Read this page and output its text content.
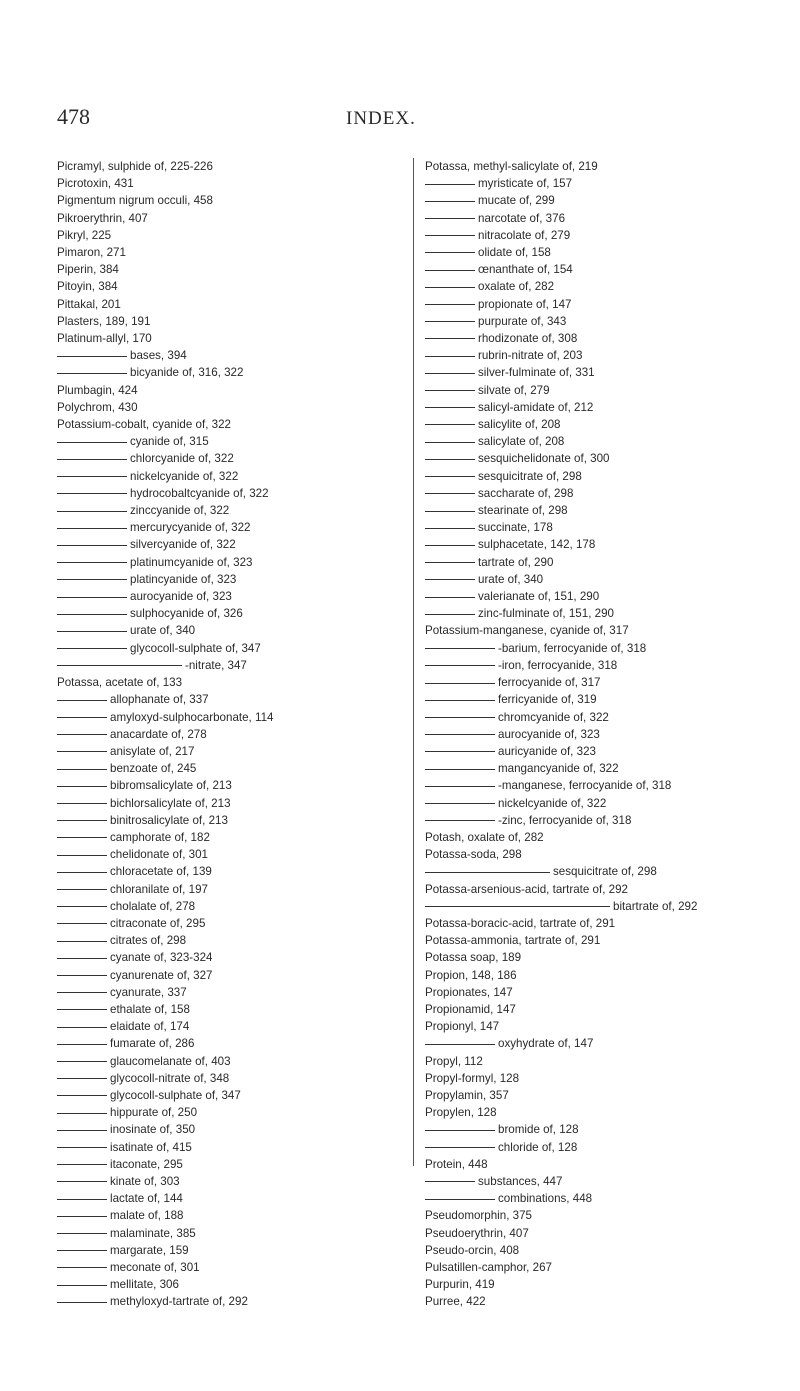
478	INDEX.
Picramyl, sulphide of, 225-226
Picrotoxin, 431
Pigmentum nigrum occuli, 458
Pikroerythrin, 407
Pikryl, 225
Pimaron, 271
Piperin, 384
Pitoyin, 384
Pittakal, 201
Plasters, 189, 191
Platinum-allyl, 170
bases, 394
bicyanide of, 316, 322
Plumbagin, 424
Polychrom, 430
Potassium-cobalt, cyanide of, 322
cyanide of, 315
chlorcyanide of, 322
nickelcyanide of, 322
hydrocobaltcyanide of, 322
zinccyanide of, 322
mercurycyanide of, 322
silvercyanide of, 322
platinumcyanide of, 323
platincyanide of, 323
aurocyanide of, 323
sulphocyanide of, 326
urate of, 340
glycocoll-sulphate of, 347
-nitrate, 347
Potassa, acetate of, 133
allophanate of, 337
amyloxyd-sulphocarbonate, 114
anacardate of, 278
anisylate of, 217
benzoate of, 245
bibromsalicylate of, 213
bichlorsalicylate of, 213
binitrosalicylate of, 213
camphorate of, 182
chelidonate of, 301
chloracetate of, 139
chloranilate of, 197
cholalate of, 278
citraconate of, 295
citrates of, 298
cyanate of, 323-324
cyanurenate of, 327
cyanurate, 337
ethalate of, 158
elaidate of, 174
fumarate of, 286
glaucomelanate of, 403
glycocoll-nitrate of, 348
glycocoll-sulphate of, 347
hippurate of, 250
inosinate of, 350
isatinate of, 415
itaconate, 295
kinate of, 303
lactate of, 144
malate of, 188
malaminate, 385
margarate, 159
meconate of, 301
mellitate, 306
methyloxyd-tartrate of, 292
Potassa, methyl-salicylate of, 219
myristicate of, 157
mucate of, 299
narcotate of, 376
nitracolate of, 279
olidate of, 158
œnanthate of, 154
oxalate of, 282
propionate of, 147
purpurate of, 343
rhodizonate of, 308
rubrin-nitrate of, 203
silver-fulminate of, 331
silvate of, 279
salicyl-amidate of, 212
salicylite of, 208
salicylate of, 208
sesquichelidonate of, 300
sesquicitrate of, 298
saccharate of, 298
stearinate of, 298
succinate, 178
sulphacetate, 142, 178
tartrate of, 290
urate of, 340
valerianate of, 151, 290
zinc-fulminate of, 151, 290
Potassium-manganese, cyanide of, 317
-barium, ferrocyanide of, 318
-iron, ferrocyanide, 318
ferrocyanide of, 317
ferricyanide of, 319
chromcyanide of, 322
aurocyanide of, 323
auricyanide of, 323
mangancyanide of, 322
-manganese, ferrocyanide of, 318
nickelcyanide of, 322
-zinc, ferrocyanide of, 318
Potash, oxalate of, 282
Potassa-soda, 298
sesquicitrate of, 298
Potassa-arsenious-acid, tartrate of, 292
bitartrate of, 292
Potassa-boracic-acid, tartrate of, 291
Potassa-ammonia, tartrate of, 291
Potassa soap, 189
Propion, 148, 186
Propionates, 147
Propionamid, 147
Propionyl, 147
oxyhydrate of, 147
Propyl, 112
Propyl-formyl, 128
Propylamin, 357
Propylen, 128
bromide of, 128
chloride of, 128
Protein, 448
substances, 447
combinations, 448
Pseudomorphin, 375
Pseudoerythrin, 407
Pseudo-orcin, 408
Pulsatillen-camphor, 267
Purpurin, 419
Purree, 422
